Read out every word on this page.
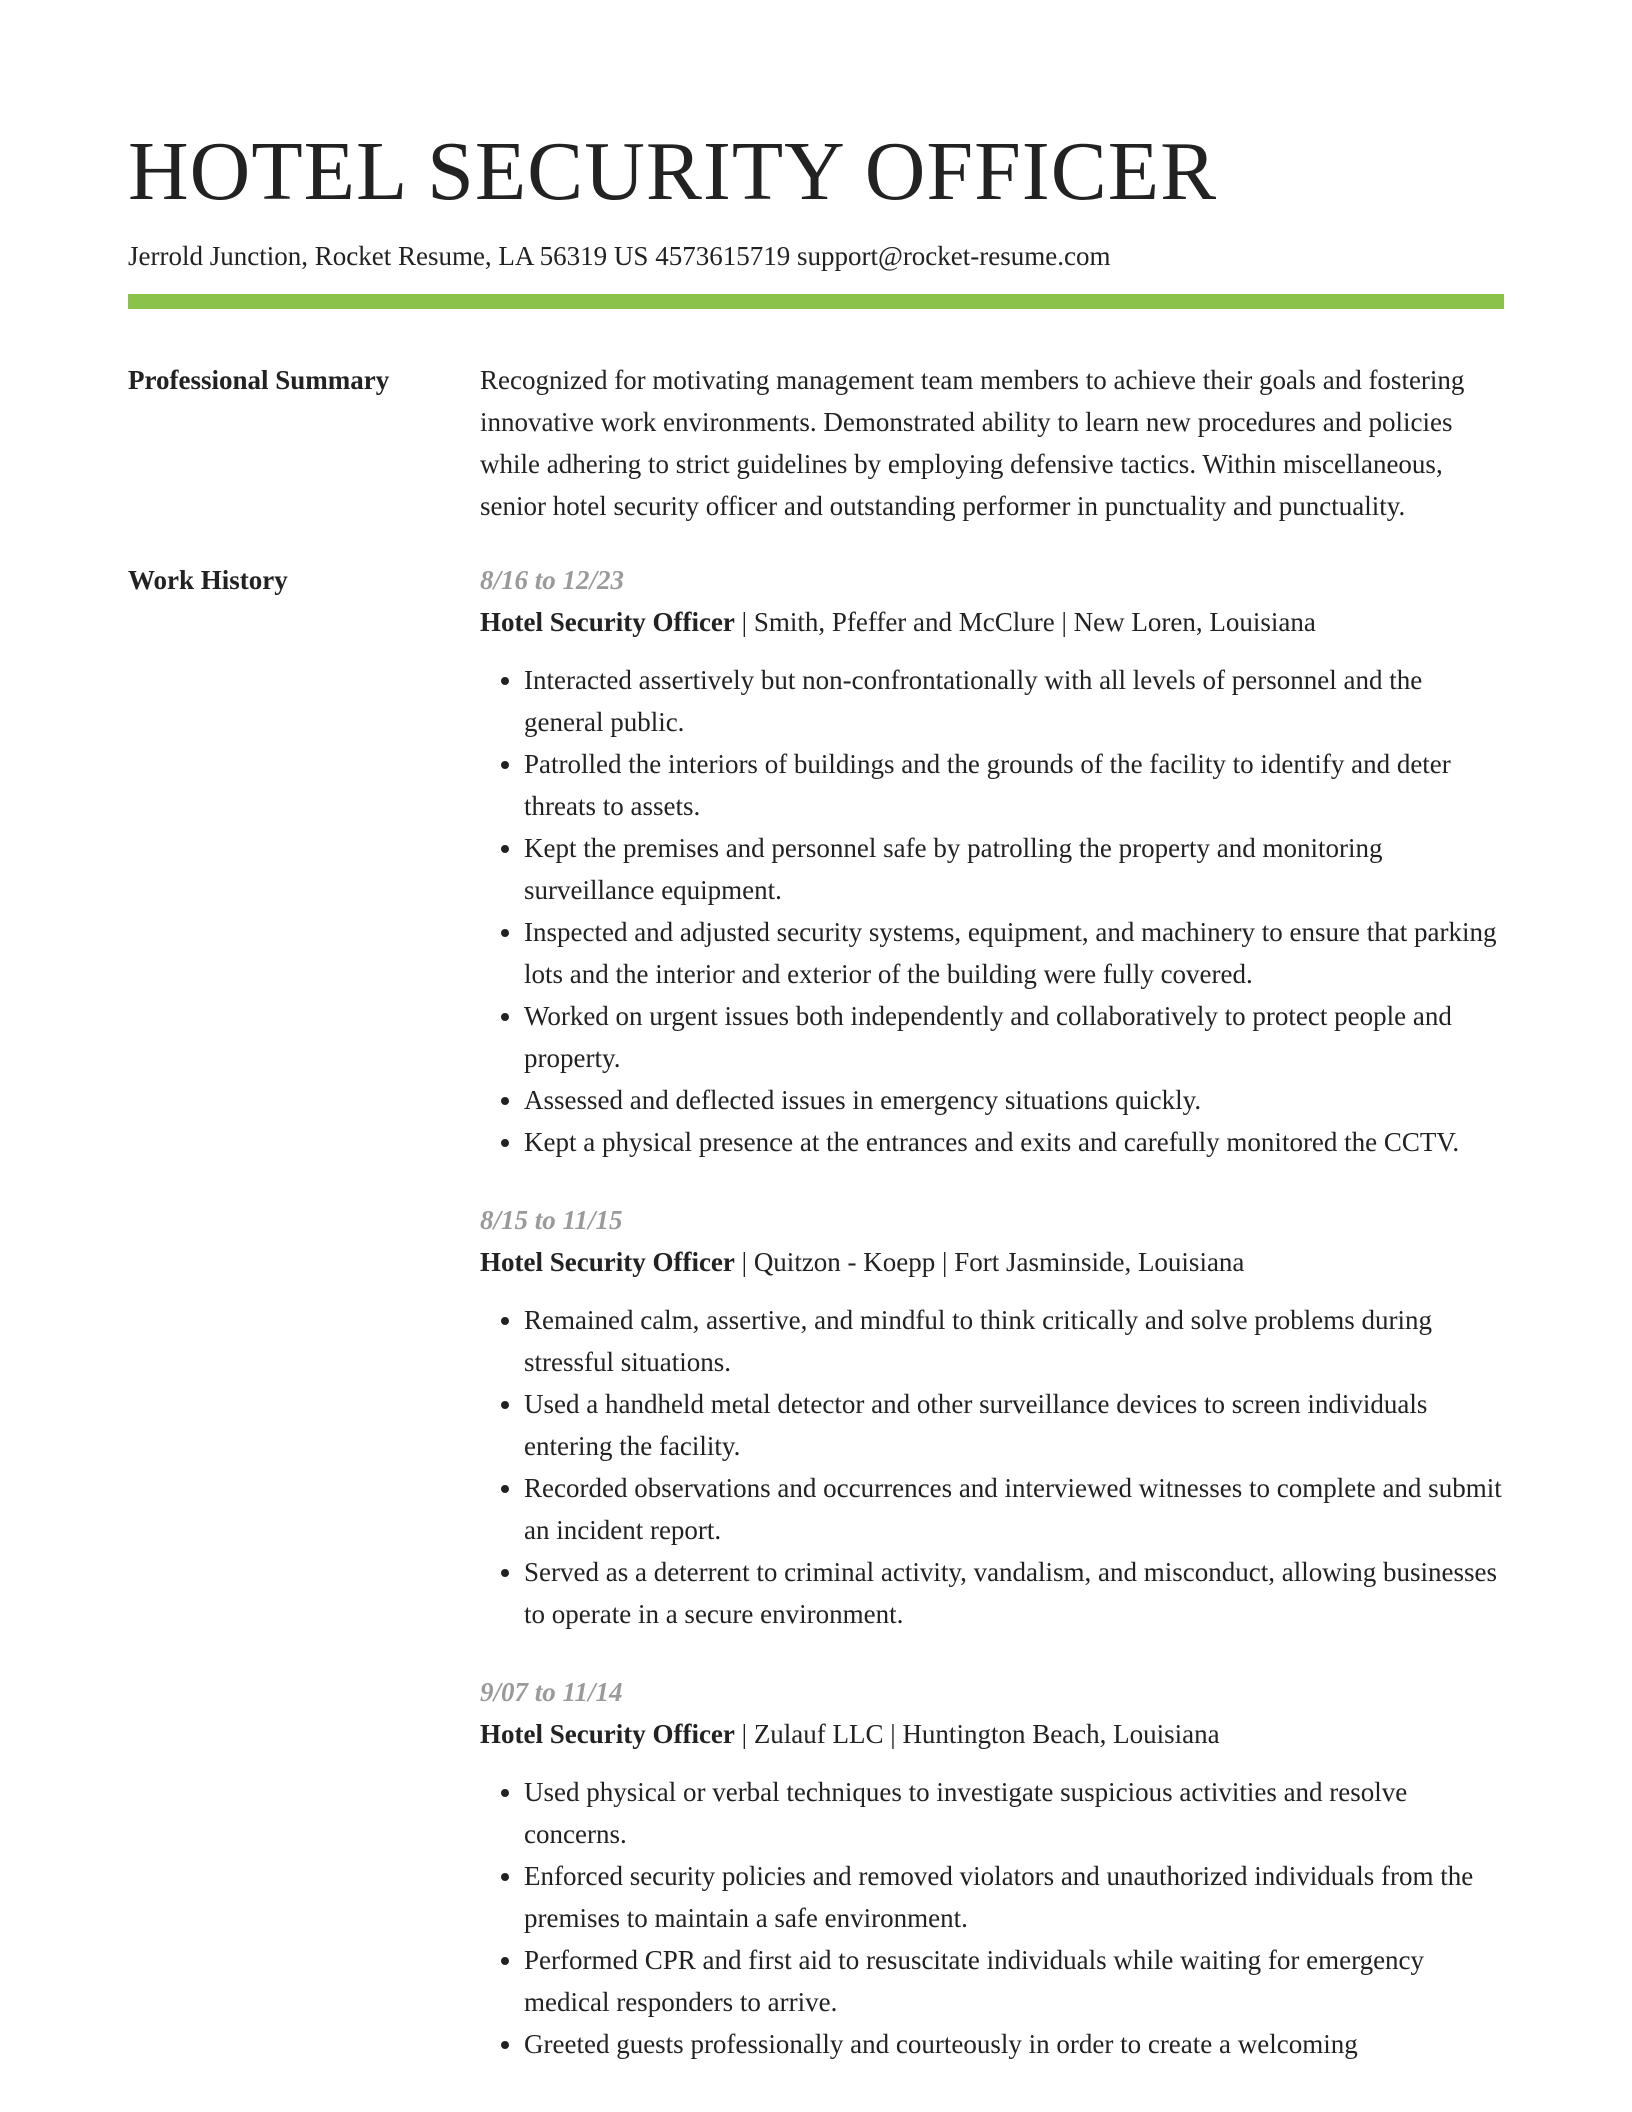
HOTEL SECURITY OFFICER
Jerrold Junction, Rocket Resume, LA 56319 US 4573615719 support@rocket-resume.com
Professional Summary	Recognized for motivating management team members to achieve their goals and fostering innovative work environments. Demonstrated ability to learn new procedures and policies while adhering to strict guidelines by employing defensive tactics. Within miscellaneous, senior hotel security officer and outstanding performer in punctuality and punctuality.
Work History	8/16 to 12/23
Hotel Security Officer | Smith, Pfeffer and McClure | New Loren, Louisiana
• Interacted assertively but non-confrontationally with all levels of personnel and the general public.
• Patrolled the interiors of buildings and the grounds of the facility to identify and deter threats to assets.
• Kept the premises and personnel safe by patrolling the property and monitoring surveillance equipment.
• Inspected and adjusted security systems, equipment, and machinery to ensure that parking lots and the interior and exterior of the building were fully covered.
• Worked on urgent issues both independently and collaboratively to protect people and property.
• Assessed and deflected issues in emergency situations quickly.
• Kept a physical presence at the entrances and exits and carefully monitored the CCTV.
8/15 to 11/15
Hotel Security Officer | Quitzon - Koepp | Fort Jasminside, Louisiana
• Remained calm, assertive, and mindful to think critically and solve problems during stressful situations.
• Used a handheld metal detector and other surveillance devices to screen individuals entering the facility.
• Recorded observations and occurrences and interviewed witnesses to complete and submit an incident report.
• Served as a deterrent to criminal activity, vandalism, and misconduct, allowing businesses to operate in a secure environment.
9/07 to 11/14
Hotel Security Officer | Zulauf LLC | Huntington Beach, Louisiana
• Used physical or verbal techniques to investigate suspicious activities and resolve concerns.
• Enforced security policies and removed violators and unauthorized individuals from the premises to maintain a safe environment.
• Performed CPR and first aid to resuscitate individuals while waiting for emergency medical responders to arrive.
• Greeted guests professionally and courteously in order to create a welcoming
